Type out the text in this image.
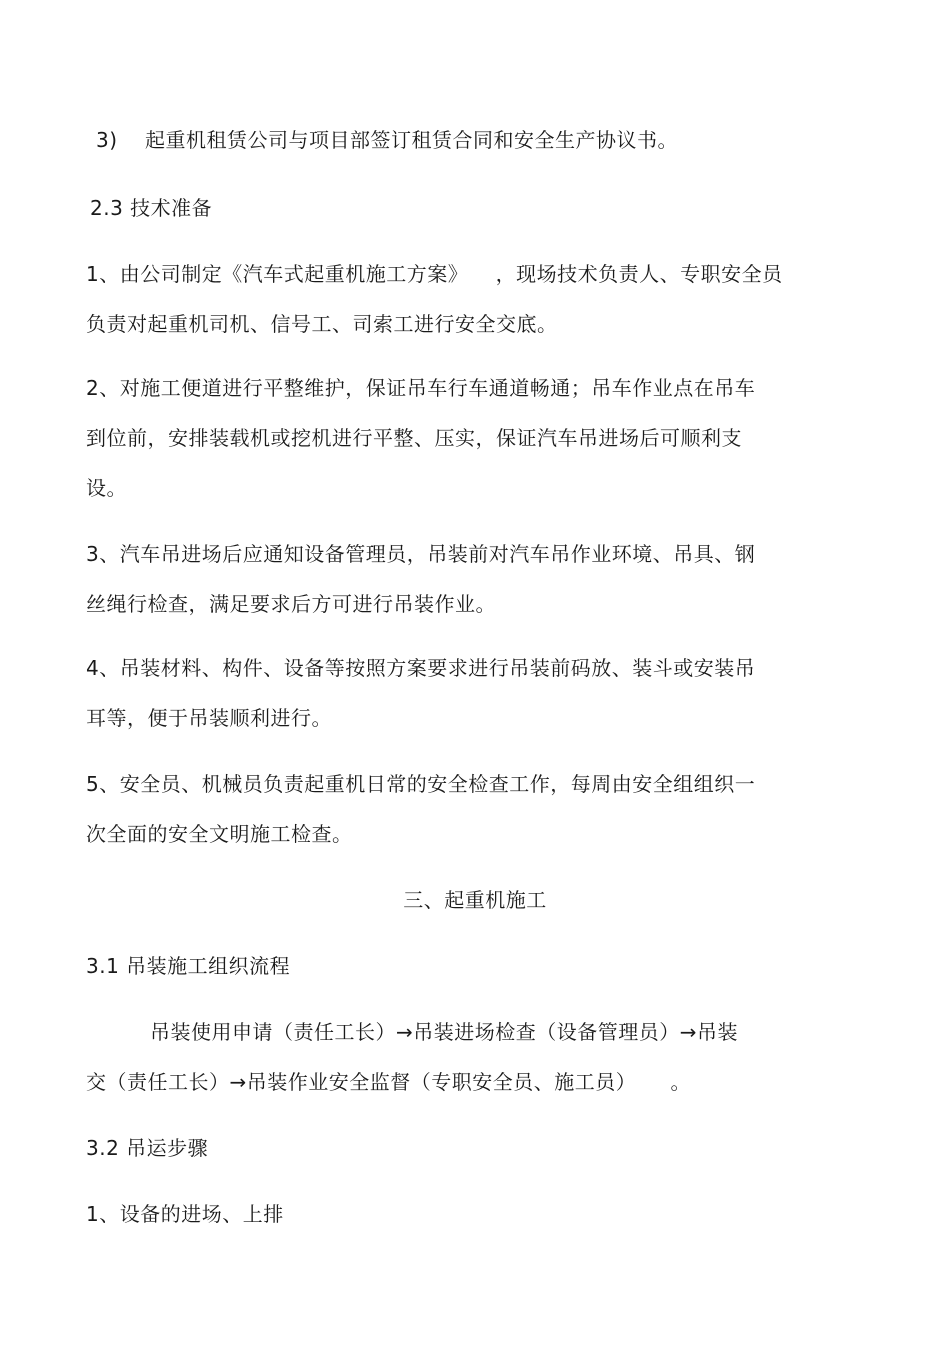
3)    起重机租赁公司与项目部签订租赁合同和安全生产协议书。
2.3 技术准备
1、由公司制定《汽车式起重机施工方案》    ，现场技术负责人、专职安全员
负责对起重机司机、信号工、司索工进行安全交底。
2、对施工便道进行平整维护，保证吊车行车通道畅通；吊车作业点在吊车
到位前，安排装载机或挖机进行平整、压实，保证汽车吊进场后可顺利支
设。
3、汽车吊进场后应通知设备管理员，吊装前对汽车吊作业环境、吊具、钢
丝绳行检查，满足要求后方可进行吊装作业。
4、吊装材料、构件、设备等按照方案要求进行吊装前码放、装斗或安装吊
耳等，便于吊装顺利进行。
5、安全员、机械员负责起重机日常的安全检查工作，每周由安全组组织一
次全面的安全文明施工检查。
三、起重机施工
3.1 吊装施工组织流程
吊装使用申请（责任工长）→吊装进场检查（设备管理员）→吊装
交（责任工长）→吊装作业安全监督（专职安全员、施工员）     。
3.2 吊运步骤
1、设备的进场、上排
